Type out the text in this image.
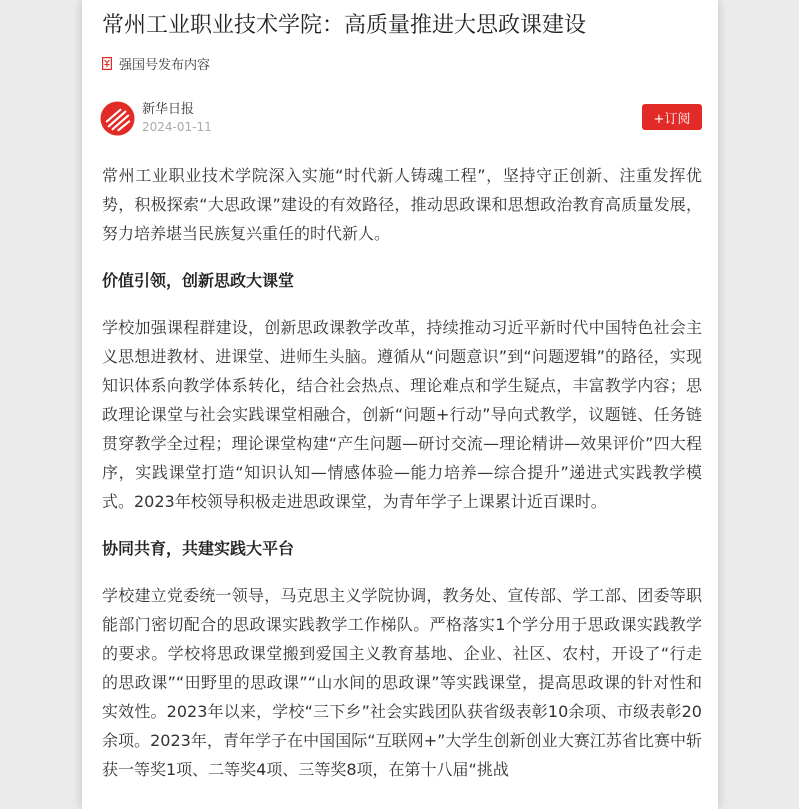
常州工业职业技术学院：高质量推进大思政课建设
强国号发布内容
新华日报
2024-01-11
+订阅

常州工业职业技术学院深入实施“时代新人铸魂工程”，坚持守正创新、注重发挥优势，积极探索“大思政课”建设的有效路径，推动思政课和思想政治教育高质量发展，努力培养堪当民族复兴重任的时代新人。

价值引领，创新思政大课堂

学校加强课程群建设，创新思政课教学改革，持续推动习近平新时代中国特色社会主义思想进教材、进课堂、进师生头脑。遵循从“问题意识”到“问题逻辑”的路径，实现知识体系向教学体系转化，结合社会热点、理论难点和学生疑点，丰富教学内容；思政理论课堂与社会实践课堂相融合，创新“问题+行动”导向式教学，议题链、任务链贯穿教学全过程；理论课堂构建“产生问题—研讨交流—理论精讲—效果评价”四大程序，实践课堂打造“知识认知—情感体验—能力培养—综合提升”递进式实践教学模式。2023年校领导积极走进思政课堂，为青年学子上课累计近百课时。

协同共育，共建实践大平台

学校建立党委统一领导，马克思主义学院协调，教务处、宣传部、学工部、团委等职能部门密切配合的思政课实践教学工作梯队。严格落实1个学分用于思政课实践教学的要求。学校将思政课堂搬到爱国主义教育基地、企业、社区、农村，开设了“行走的思政课”“田野里的思政课”“山水间的思政课”等实践课堂，提高思政课的针对性和实效性。2023年以来，学校“三下乡”社会实践团队获省级表彰10余项、市级表彰20余项。2023年，青年学子在中国国际“互联网+”大学生创新创业大赛江苏省比赛中斩获一等奖1项、二等奖4项、三等奖8项，在第十八届“挑战
